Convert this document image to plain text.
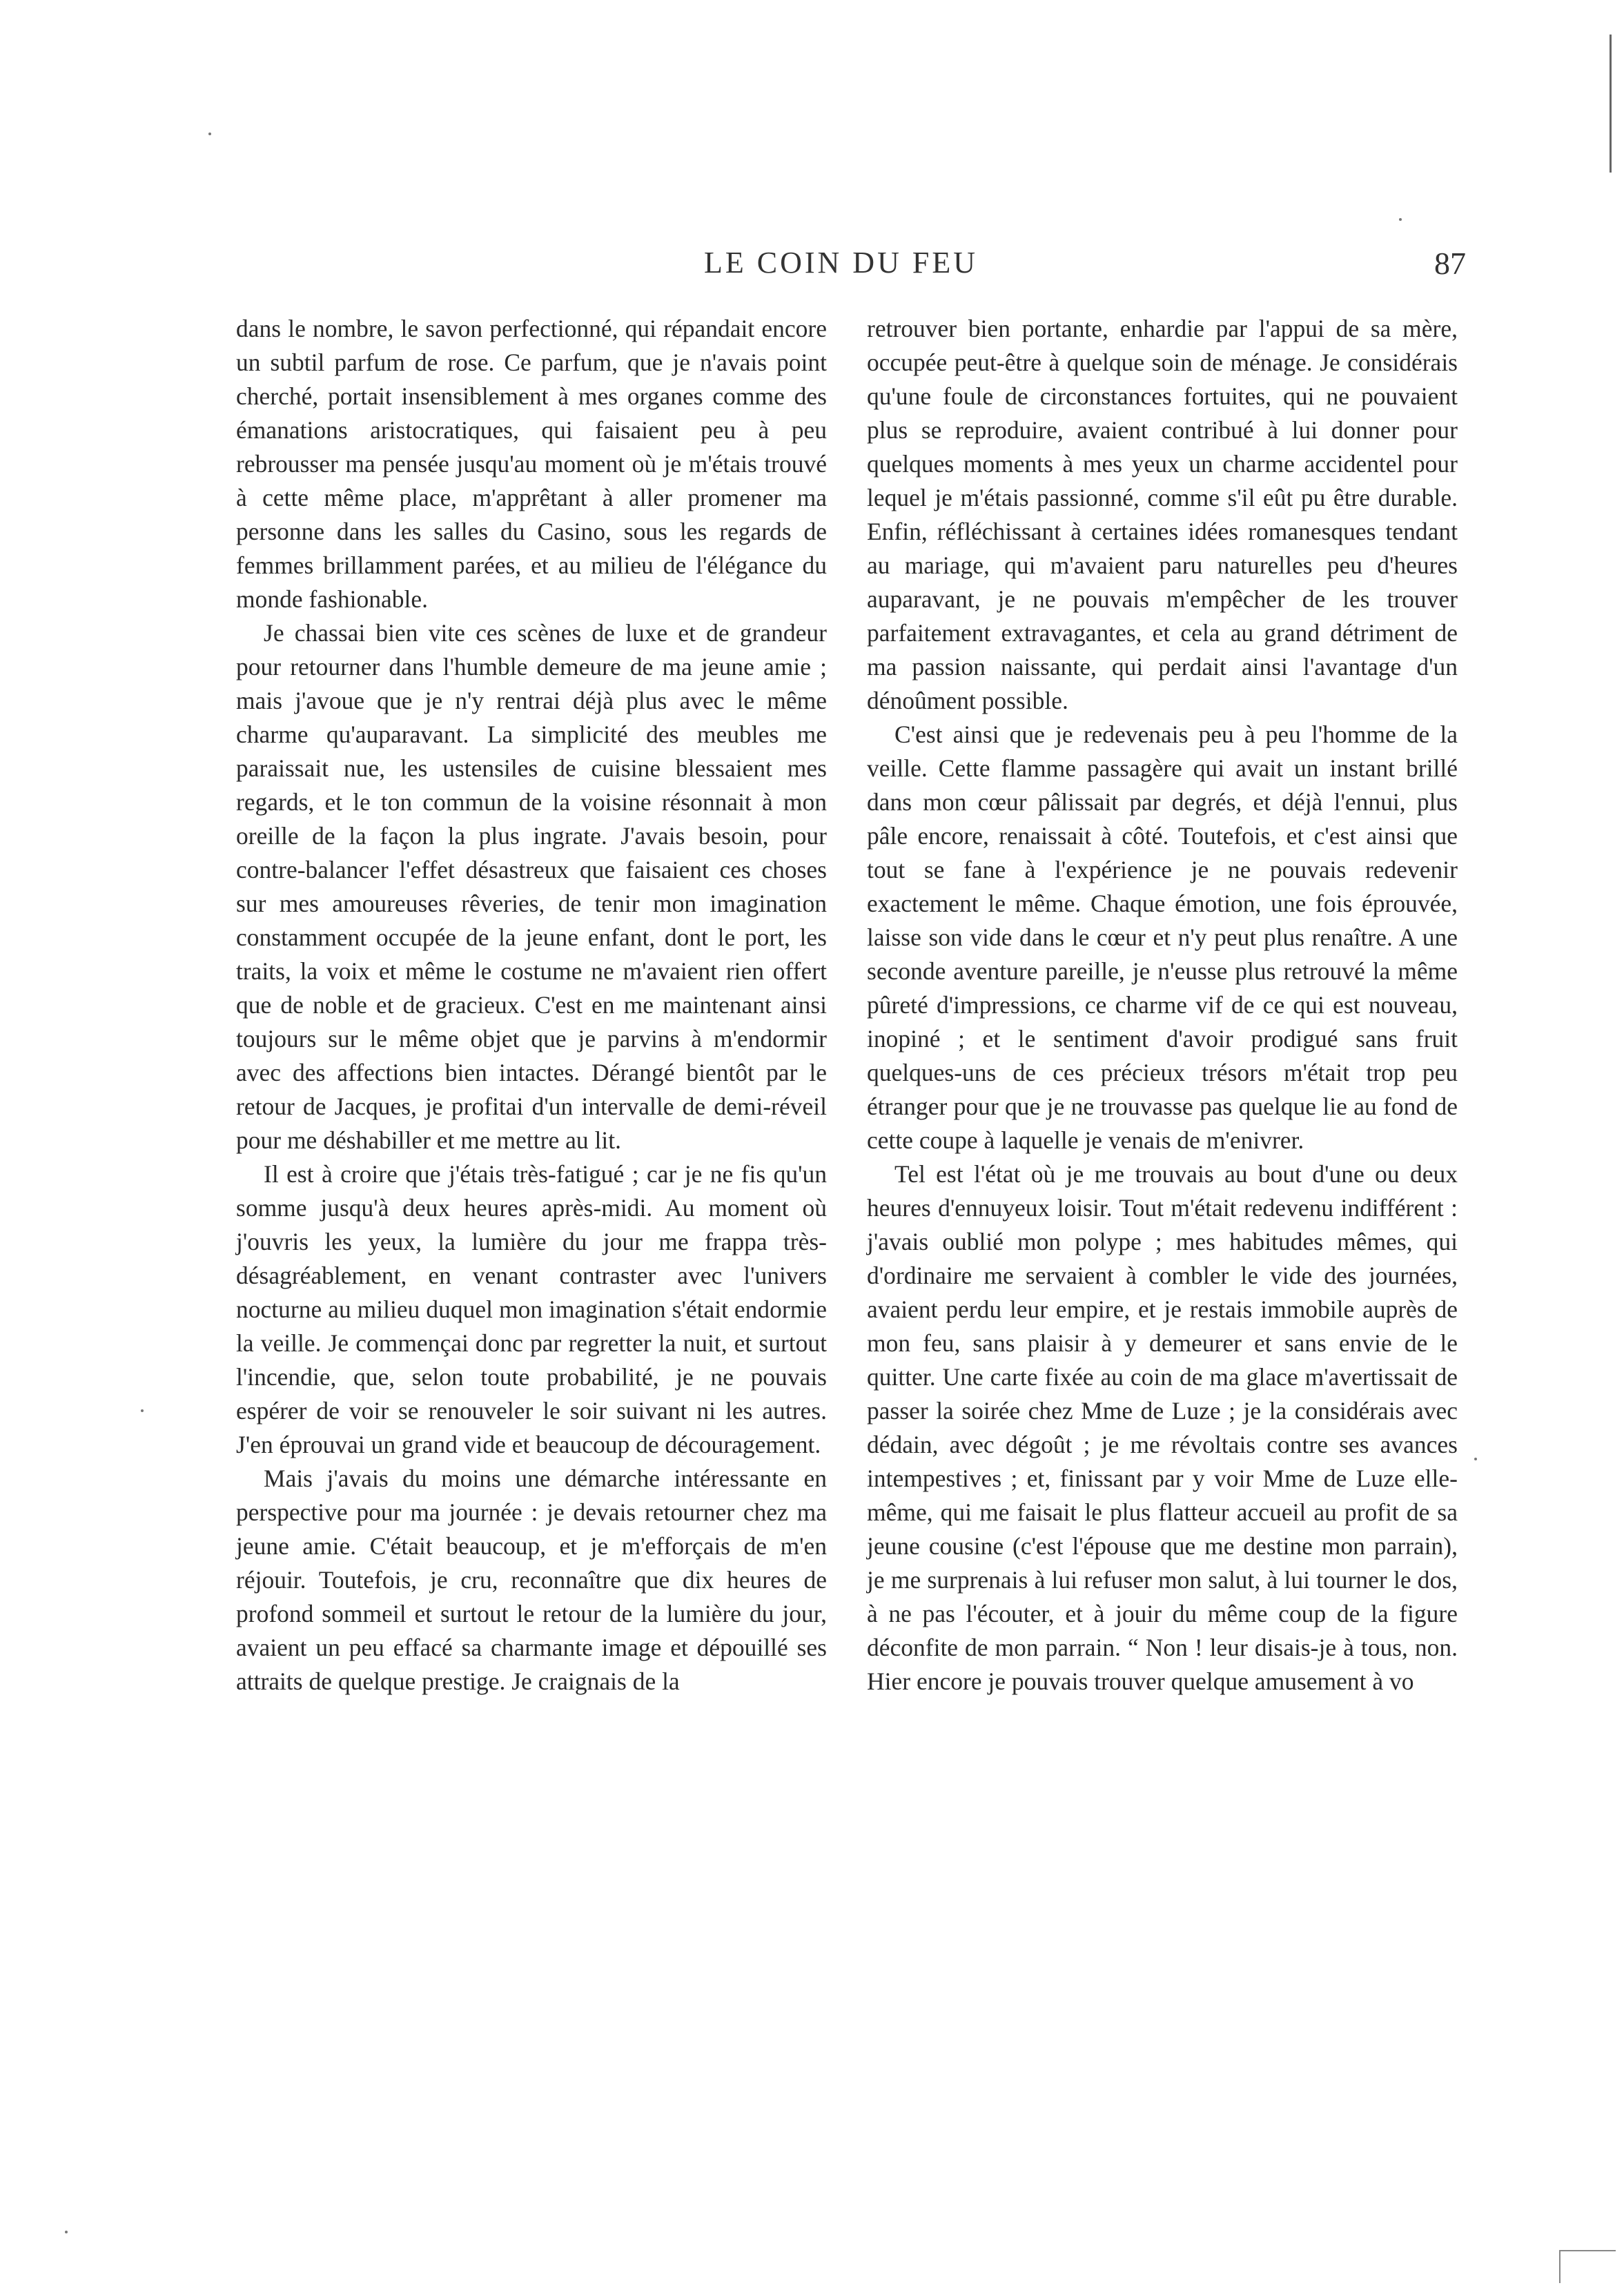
LE COIN DU FEU	87

dans le nombre, le savon perfectionné, qui répandait encore un subtil parfum de rose. Ce parfum, que je n'avais point cherché, portait insensiblement à mes organes comme des émanations aristocratiques, qui faisaient peu à peu rebrousser ma pensée jusqu'au moment où je m'étais trouvé à cette même place, m'apprêtant à aller promener ma personne dans les salles du Casino, sous les regards de femmes brillamment parées, et au milieu de l'élégance du monde fashionable.

Je chassai bien vite ces scènes de luxe et de grandeur pour retourner dans l'humble demeure de ma jeune amie ; mais j'avoue que je n'y rentrai déjà plus avec le même charme qu'auparavant. La simplicité des meubles me paraissait nue, les ustensiles de cuisine blessaient mes regards, et le ton commun de la voisine résonnait à mon oreille de la façon la plus ingrate. J'avais besoin, pour contre-balancer l'effet désastreux que faisaient ces choses sur mes amoureuses rêveries, de tenir mon imagination constamment occupée de la jeune enfant, dont le port, les traits, la voix et même le costume ne m'avaient rien offert que de noble et de gracieux. C'est en me maintenant ainsi toujours sur le même objet que je parvins à m'endormir avec des affections bien intactes. Dérangé bientôt par le retour de Jacques, je profitai d'un intervalle de demi-réveil pour me déshabiller et me mettre au lit.

Il est à croire que j'étais très-fatigué ; car je ne fis qu'un somme jusqu'à deux heures après-midi. Au moment où j'ouvris les yeux, la lumière du jour me frappa très-désagréablement, en venant contraster avec l'univers nocturne au milieu duquel mon imagination s'était endormie la veille. Je commençai donc par regretter la nuit, et surtout l'incendie, que, selon toute probabilité, je ne pouvais espérer de voir se renouveler le soir suivant ni les autres. J'en éprouvai un grand vide et beaucoup de découragement.

Mais j'avais du moins une démarche intéressante en perspective pour ma journée : je devais retourner chez ma jeune amie. C'était beaucoup, et je m'efforçais de m'en réjouir. Toutefois, je cru, reconnaître que dix heures de profond sommeil et surtout le retour de la lumière du jour, avaient un peu effacé sa charmante image et dépouillé ses attraits de quelque prestige. Je craignais de la

retrouver bien portante, enhardie par l'appui de sa mère, occupée peut-être à quelque soin de ménage. Je considérais qu'une foule de circonstances fortuites, qui ne pouvaient plus se reproduire, avaient contribué à lui donner pour quelques moments à mes yeux un charme accidentel pour lequel je m'étais passionné, comme s'il eût pu être durable. Enfin, réfléchissant à certaines idées romanesques tendant au mariage, qui m'avaient paru naturelles peu d'heures auparavant, je ne pouvais m'empêcher de les trouver parfaitement extravagantes, et cela au grand détriment de ma passion naissante, qui perdait ainsi l'avantage d'un dénoûment possible.

C'est ainsi que je redevenais peu à peu l'homme de la veille. Cette flamme passagère qui avait un instant brillé dans mon cœur pâlissait par degrés, et déjà l'ennui, plus pâle encore, renaissait à côté. Toutefois, et c'est ainsi que tout se fane à l'expérience je ne pouvais redevenir exactement le même. Chaque émotion, une fois éprouvée, laisse son vide dans le cœur et n'y peut plus renaître. A une seconde aventure pareille, je n'eusse plus retrouvé la même pûreté d'impressions, ce charme vif de ce qui est nouveau, inopiné ; et le sentiment d'avoir prodigué sans fruit quelques-uns de ces précieux trésors m'était trop peu étranger pour que je ne trouvasse pas quelque lie au fond de cette coupe à laquelle je venais de m'enivrer.

Tel est l'état où je me trouvais au bout d'une ou deux heures d'ennuyeux loisir. Tout m'était redevenu indifférent : j'avais oublié mon polype ; mes habitudes mêmes, qui d'ordinaire me servaient à combler le vide des journées, avaient perdu leur empire, et je restais immobile auprès de mon feu, sans plaisir à y demeurer et sans envie de le quitter. Une carte fixée au coin de ma glace m'avertissait de passer la soirée chez Mme de Luze ; je la considérais avec dédain, avec dégoût ; je me révoltais contre ses avances intempestives ; et, finissant par y voir Mme de Luze elle-même, qui me faisait le plus flatteur accueil au profit de sa jeune cousine (c'est l'épouse que me destine mon parrain), je me surprenais à lui refuser mon salut, à lui tourner le dos, à ne pas l'écouter, et à jouir du même coup de la figure déconfite de mon parrain. “ Non ! leur disais-je à tous, non. Hier encore je pouvais trouver quelque amusement à vo
